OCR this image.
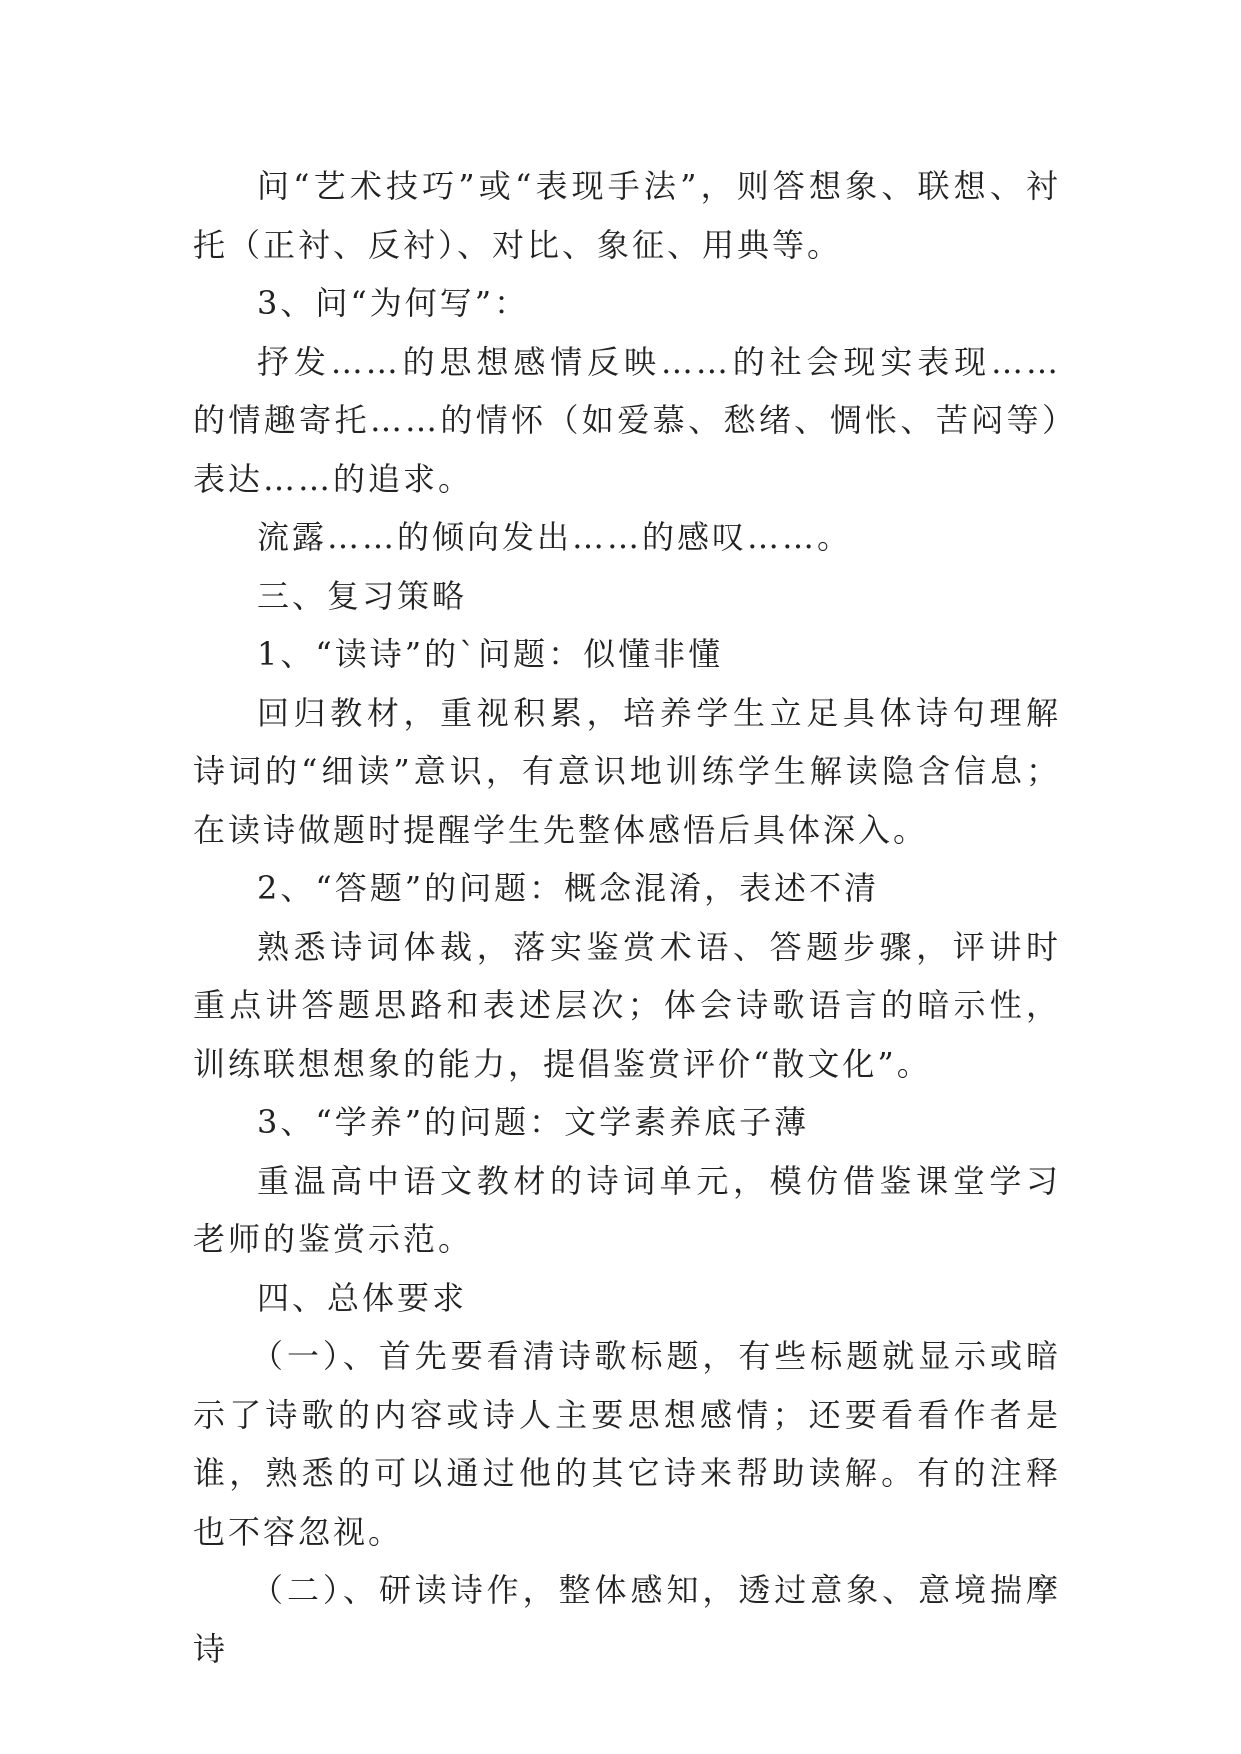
问“艺术技巧”或“表现手法”，则答想象、联想、衬托（正衬、反衬）、对比、象征、用典等。

3、问“为何写”：

抒发……的思想感情反映……的社会现实表现……的情趣寄托……的情怀（如爱慕、愁绪、惆怅、苦闷等）表达……的追求。

流露……的倾向发出……的感叹……。

三、复习策略

1、“读诗”的`问题：似懂非懂

回归教材，重视积累，培养学生立足具体诗句理解诗词的“细读”意识，有意识地训练学生解读隐含信息；在读诗做题时提醒学生先整体感悟后具体深入。

2、“答题”的问题：概念混淆，表述不清

熟悉诗词体裁，落实鉴赏术语、答题步骤，评讲时重点讲答题思路和表述层次；体会诗歌语言的暗示性，训练联想想象的能力，提倡鉴赏评价“散文化”。

3、“学养”的问题：文学素养底子薄

重温高中语文教材的诗词单元，模仿借鉴课堂学习老师的鉴赏示范。

四、总体要求

（一）、首先要看清诗歌标题，有些标题就显示或暗示了诗歌的内容或诗人主要思想感情；还要看看作者是谁，熟悉的可以通过他的其它诗来帮助读解。有的注释也不容忽视。

（二）、研读诗作，整体感知，透过意象、意境揣摩诗
